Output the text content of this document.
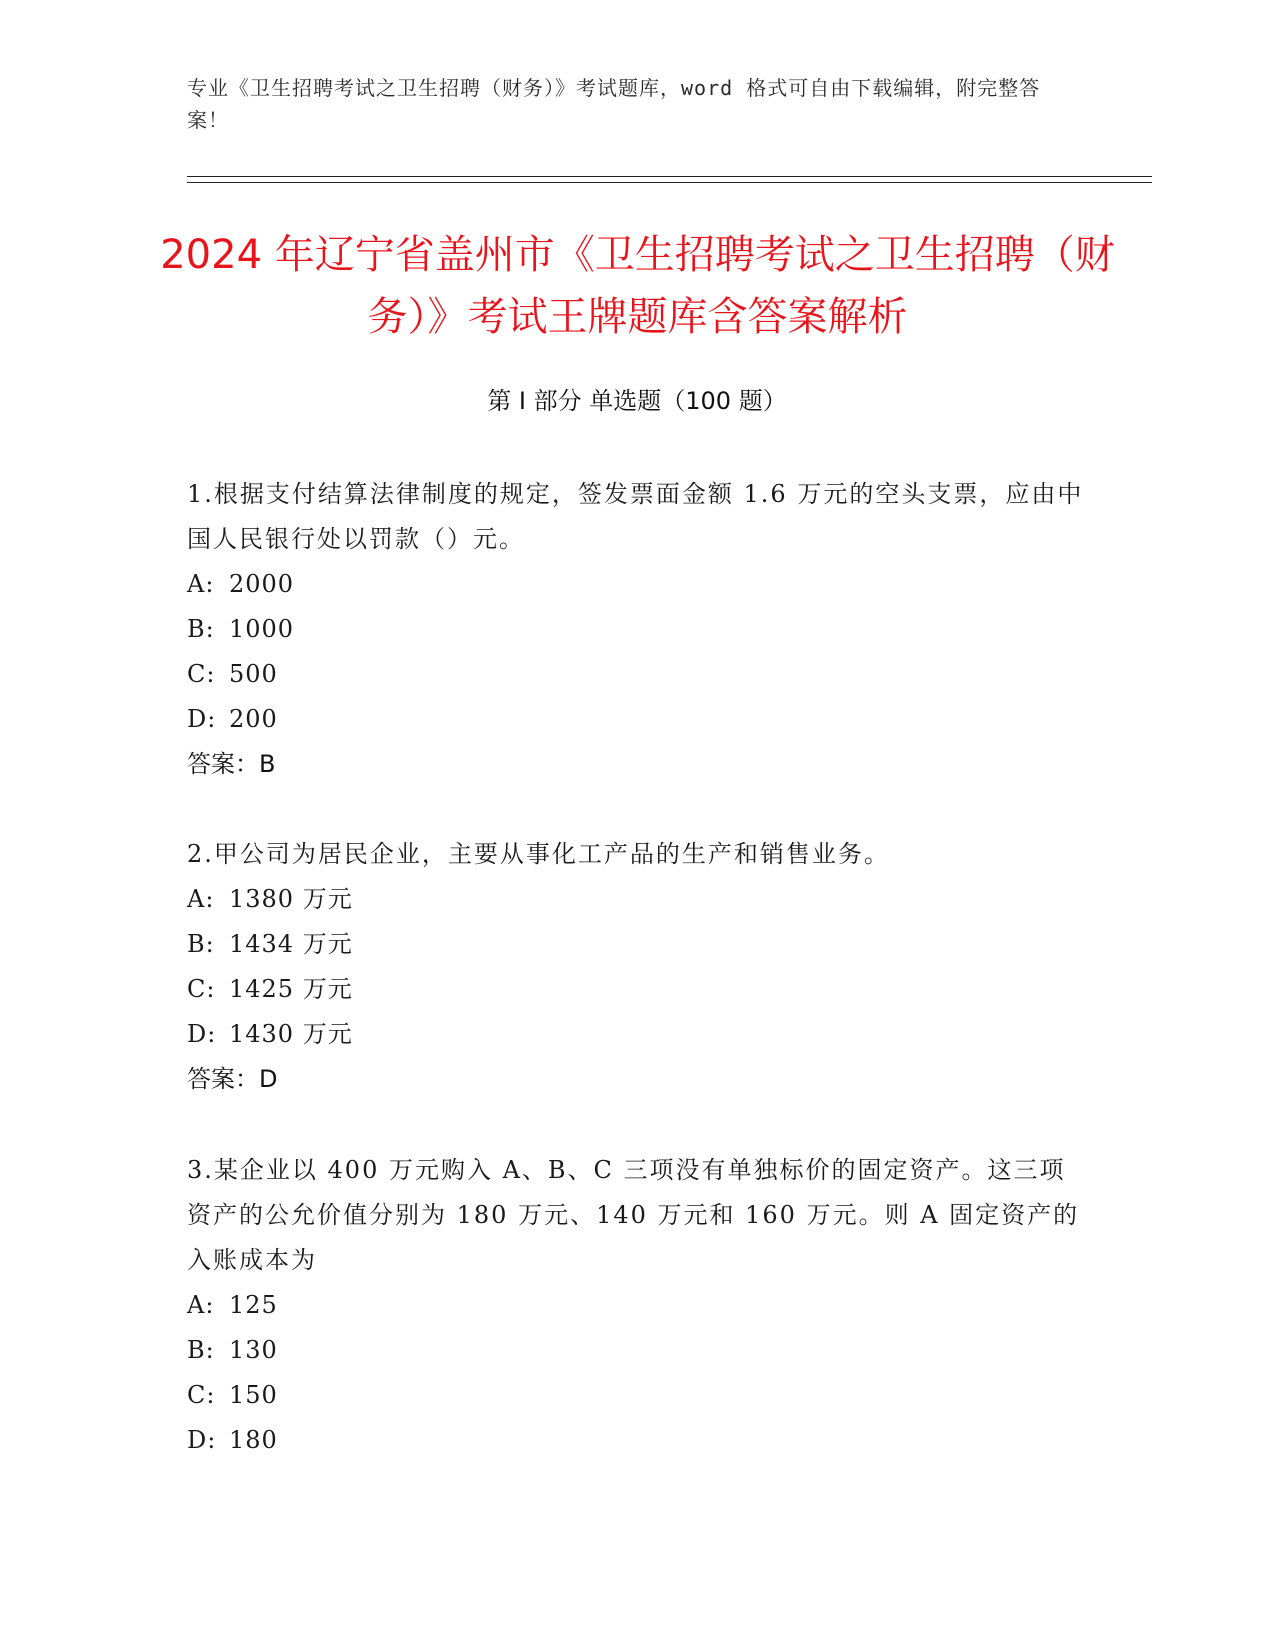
专业《卫生招聘考试之卫生招聘（财务）》考试题库，word 格式可自由下载编辑，附完整答案！
2024 年辽宁省盖州市《卫生招聘考试之卫生招聘（财务）》考试王牌题库含答案解析
第 I 部分 单选题（100 题）
1.根据支付结算法律制度的规定，签发票面金额 1.6 万元的空头支票，应由中国人民银行处以罚款（）元。
A: 2000
B: 1000
C: 500
D: 200
答案：B
2.甲公司为居民企业，主要从事化工产品的生产和销售业务。
A: 1380 万元
B: 1434 万元
C: 1425 万元
D: 1430 万元
答案：D
3.某企业以 400 万元购入 A、B、C 三项没有单独标价的固定资产。这三项资产的公允价值分别为 180 万元、140 万元和 160 万元。则 A 固定资产的入账成本为
A: 125
B: 130
C: 150
D: 180
